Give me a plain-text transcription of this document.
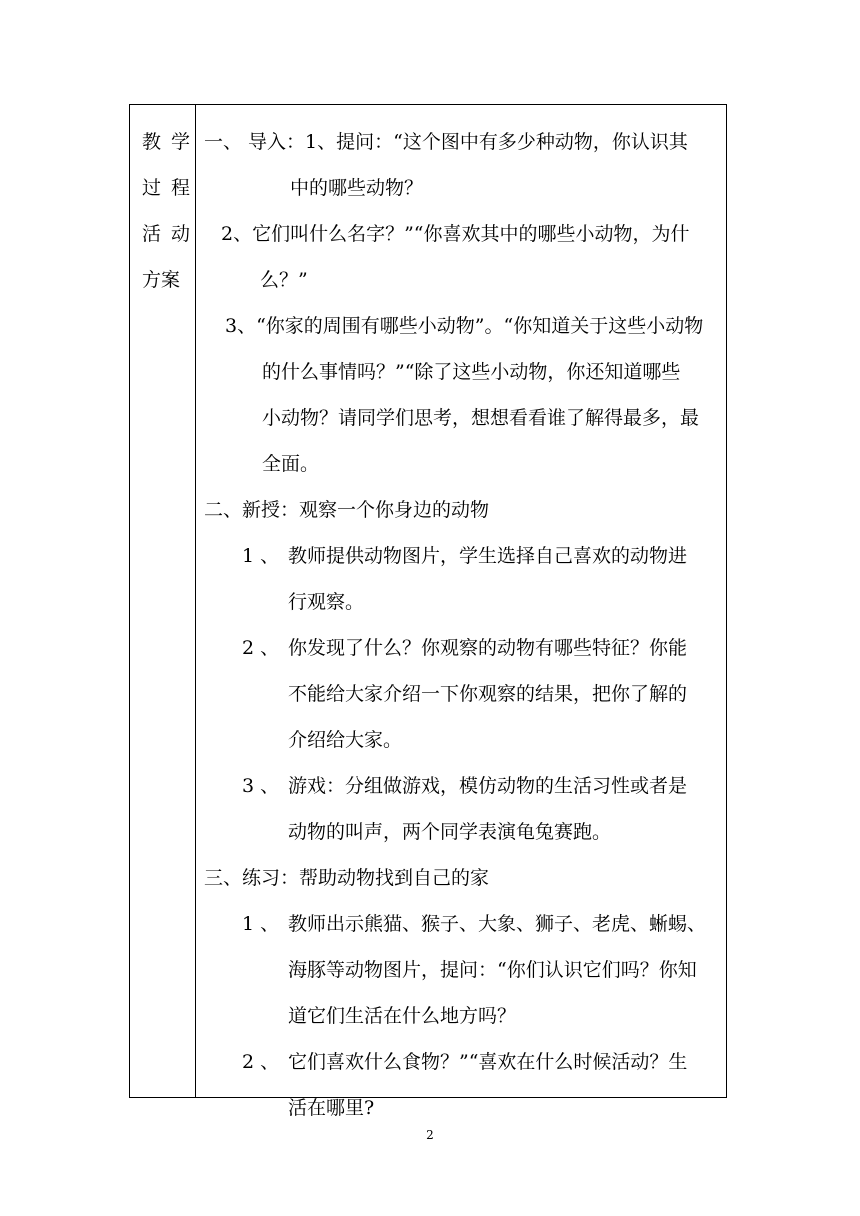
教学
过程
活动
方案
一、 导入：1、提问：“这个图中有多少种动物，你认识其
中的哪些动物？
2、它们叫什么名字？”“你喜欢其中的哪些小动物，为什
么？”
3、“你家的周围有哪些小动物”。“你知道关于这些小动物
的什么事情吗？”“除了这些小动物，你还知道哪些
小动物？请同学们思考，想想看看谁了解得最多，最
全面。
二、新授：观察一个你身边的动物
1 、 教师提供动物图片，学生选择自己喜欢的动物进
行观察。
2 、 你发现了什么？你观察的动物有哪些特征？你能
不能给大家介绍一下你观察的结果，把你了解的
介绍给大家。
3 、 游戏：分组做游戏，模仿动物的生活习性或者是
动物的叫声，两个同学表演龟兔赛跑。
三、练习：帮助动物找到自己的家
1 、 教师出示熊猫、猴子、大象、狮子、老虎、蜥蜴、
海豚等动物图片，提问：“你们认识它们吗？你知
道它们生活在什么地方吗？
2 、 它们喜欢什么食物？”“喜欢在什么时候活动？生
活在哪里?
2
